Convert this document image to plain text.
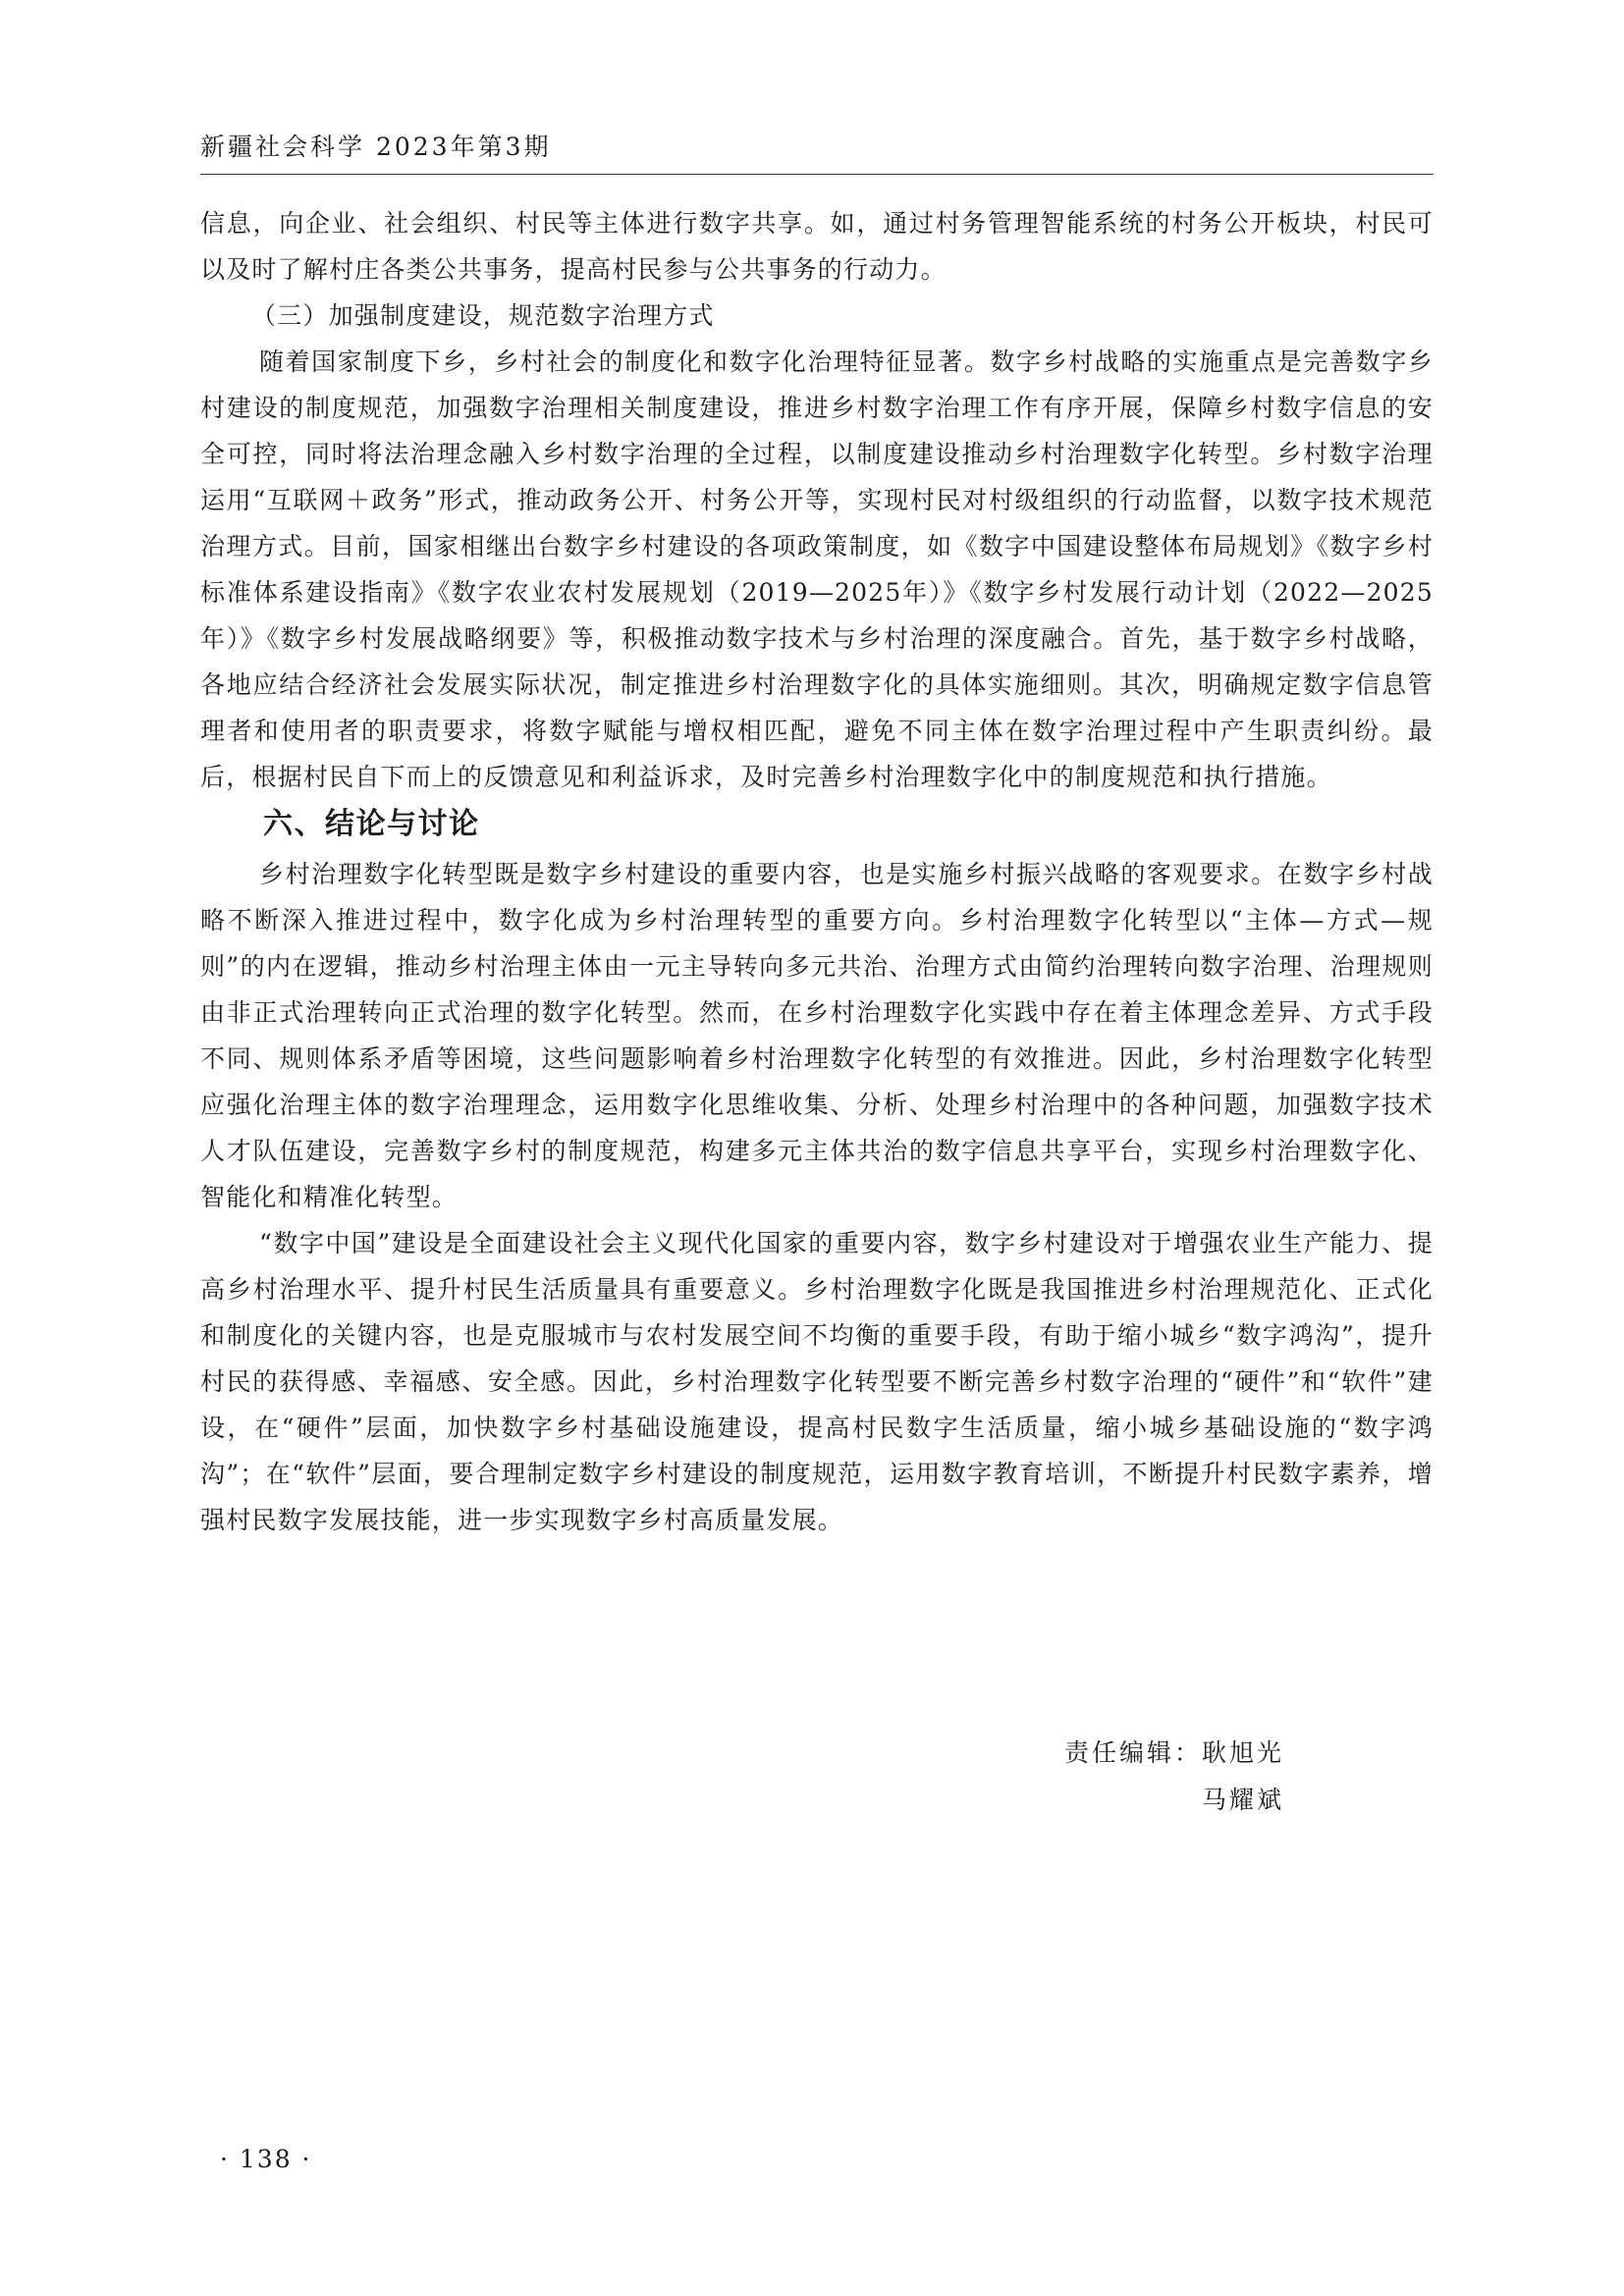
新疆社会科学 2023年第3期

信息，向企业、社会组织、村民等主体进行数字共享。如，通过村务管理智能系统的村务公开板块，村民可以及时了解村庄各类公共事务，提高村民参与公共事务的行动力。

（三）加强制度建设，规范数字治理方式

随着国家制度下乡，乡村社会的制度化和数字化治理特征显著。数字乡村战略的实施重点是完善数字乡村建设的制度规范，加强数字治理相关制度建设，推进乡村数字治理工作有序开展，保障乡村数字信息的安全可控，同时将法治理念融入乡村数字治理的全过程，以制度建设推动乡村治理数字化转型。乡村数字治理运用“互联网＋政务”形式，推动政务公开、村务公开等，实现村民对村级组织的行动监督，以数字技术规范治理方式。目前，国家相继出台数字乡村建设的各项政策制度，如《数字中国建设整体布局规划》《数字乡村标准体系建设指南》《数字农业农村发展规划（2019—2025年）》《数字乡村发展行动计划（2022—2025年）》《数字乡村发展战略纲要》等，积极推动数字技术与乡村治理的深度融合。首先，基于数字乡村战略，各地应结合经济社会发展实际状况，制定推进乡村治理数字化的具体实施细则。其次，明确规定数字信息管理者和使用者的职责要求，将数字赋能与增权相匹配，避免不同主体在数字治理过程中产生职责纠纷。最后，根据村民自下而上的反馈意见和利益诉求，及时完善乡村治理数字化中的制度规范和执行措施。

六、结论与讨论

乡村治理数字化转型既是数字乡村建设的重要内容，也是实施乡村振兴战略的客观要求。在数字乡村战略不断深入推进过程中，数字化成为乡村治理转型的重要方向。乡村治理数字化转型以“主体—方式—规则”的内在逻辑，推动乡村治理主体由一元主导转向多元共治、治理方式由简约治理转向数字治理、治理规则由非正式治理转向正式治理的数字化转型。然而，在乡村治理数字化实践中存在着主体理念差异、方式手段不同、规则体系矛盾等困境，这些问题影响着乡村治理数字化转型的有效推进。因此，乡村治理数字化转型应强化治理主体的数字治理理念，运用数字化思维收集、分析、处理乡村治理中的各种问题，加强数字技术人才队伍建设，完善数字乡村的制度规范，构建多元主体共治的数字信息共享平台，实现乡村治理数字化、智能化和精准化转型。

“数字中国”建设是全面建设社会主义现代化国家的重要内容，数字乡村建设对于增强农业生产能力、提高乡村治理水平、提升村民生活质量具有重要意义。乡村治理数字化既是我国推进乡村治理规范化、正式化和制度化的关键内容，也是克服城市与农村发展空间不均衡的重要手段，有助于缩小城乡“数字鸿沟”，提升村民的获得感、幸福感、安全感。因此，乡村治理数字化转型要不断完善乡村数字治理的“硬件”和“软件”建设，在“硬件”层面，加快数字乡村基础设施建设，提高村民数字生活质量，缩小城乡基础设施的“数字鸿沟”；在“软件”层面，要合理制定数字乡村建设的制度规范，运用数字教育培训，不断提升村民数字素养，增强村民数字发展技能，进一步实现数字乡村高质量发展。

责任编辑：耿旭光
马耀斌
· 138 ·
